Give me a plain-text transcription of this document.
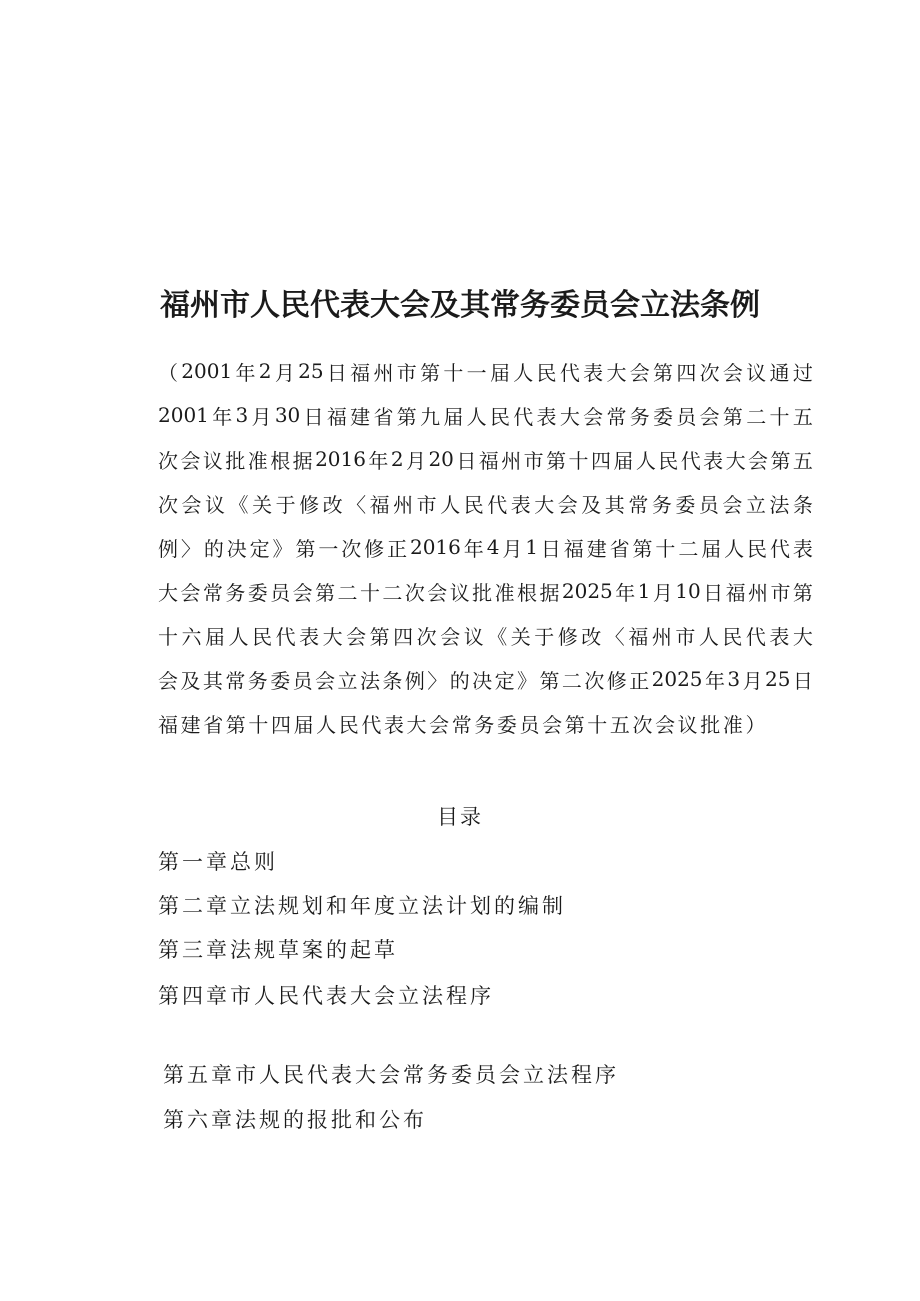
福州市人民代表大会及其常务委员会立法条例
（ 2001 年 2 月 25 日 福 州 市 第 十 一 届 人 民 代 表 大 会 第 四 次 会 议 通 过
2001 年 3 月 30 日 福 建 省 第 九 届 人 民 代 表 大 会 常 务 委 员 会 第 二 十 五
次 会 议 批 准 根 据 2016 年 2 月 20 日 福 州 市 第 十 四 届 人 民 代 表 大 会 第 五
次 会 议 《 关 于 修 改 〈 福 州 市 人 民 代 表 大 会 及 其 常 务 委 员 会 立 法 条
例 〉 的 决 定 》 第 一 次 修 正 2016 年 4 月 1 日 福 建 省 第 十 二 届 人 民 代 表
大 会 常 务 委 员 会 第 二 十 二 次 会 议 批 准 根 据 2025 年 1 月 10 日 福 州 市 第
十 六 届 人 民 代 表 大 会 第 四 次 会 议 《 关 于 修 改 〈 福 州 市 人 民 代 表 大
会 及 其 常 务 委 员 会 立 法 条 例 〉 的 决 定 》 第 二 次 修 正 2025 年 3 月 25 日
福 建 省 第 十 四 届 人 民 代 表 大 会 常 务 委 员 会 第 十 五 次 会 议 批 准 ）
目录
第一章总则
第二章立法规划和年度立法计划的编制
第三章法规草案的起草
第四章市人民代表大会立法程序
第五章市人民代表大会常务委员会立法程序
第六章法规的报批和公布
